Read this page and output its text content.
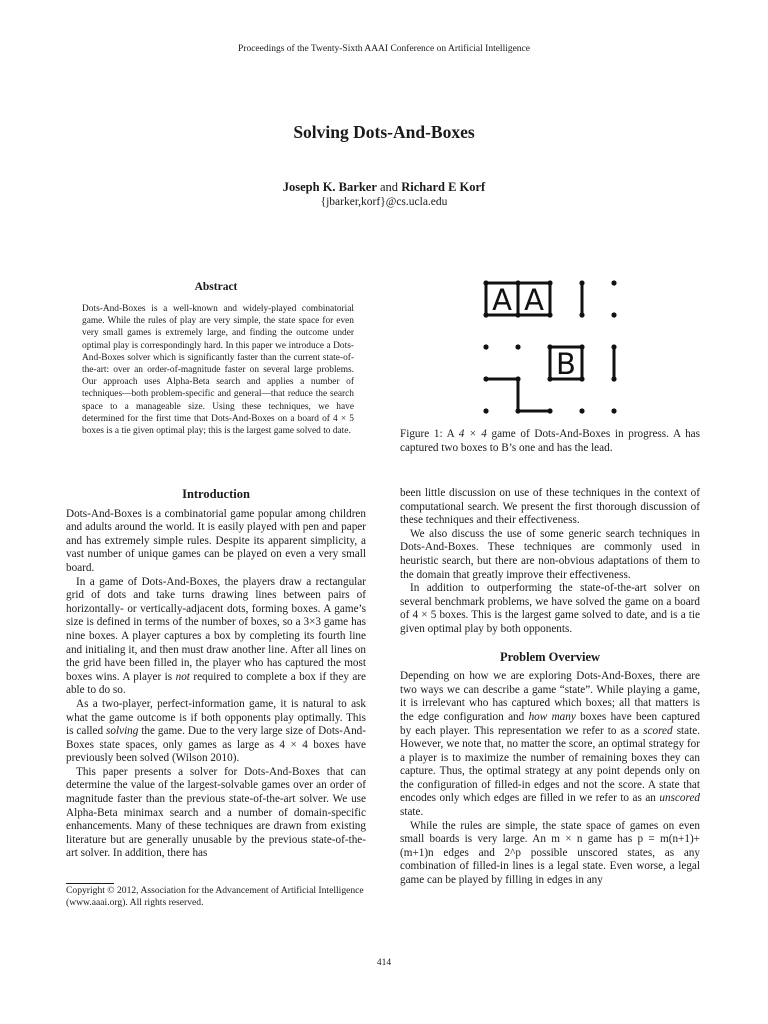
Proceedings of the Twenty-Sixth AAAI Conference on Artificial Intelligence
Solving Dots-And-Boxes
Joseph K. Barker and Richard E Korf
{jbarker,korf}@cs.ucla.edu
Abstract
Dots-And-Boxes is a well-known and widely-played combinatorial game. While the rules of play are very simple, the state space for even very small games is extremely large, and finding the outcome under optimal play is correspondingly hard. In this paper we introduce a Dots-And-Boxes solver which is significantly faster than the current state-of-the-art: over an order-of-magnitude faster on several large problems. Our approach uses Alpha-Beta search and applies a number of techniques—both problem-specific and general—that reduce the search space to a manageable size. Using these techniques, we have determined for the first time that Dots-And-Boxes on a board of 4 × 5 boxes is a tie given optimal play; this is the largest game solved to date.
Introduction

Dots-And-Boxes is a combinatorial game popular among children and adults around the world. It is easily played with pen and paper and has extremely simple rules. Despite its apparent simplicity, a vast number of unique games can be played on even a very small board.

In a game of Dots-And-Boxes, the players draw a rectangular grid of dots and take turns drawing lines between pairs of horizontally- or vertically-adjacent dots, forming boxes. A game’s size is defined in terms of the number of boxes, so a 3×3 game has nine boxes. A player captures a box by completing its fourth line and initialing it, and then must draw another line. After all lines on the grid have been filled in, the player who has captured the most boxes wins. A player is not required to complete a box if they are able to do so.

As a two-player, perfect-information game, it is natural to ask what the game outcome is if both opponents play optimally. This is called solving the game. Due to the very large size of Dots-And-Boxes state spaces, only games as large as 4 × 4 boxes have previously been solved (Wilson 2010).

This paper presents a solver for Dots-And-Boxes that can determine the value of the largest-solvable games over an order of magnitude faster than the previous state-of-the-art solver. We use Alpha-Beta minimax search and a number of domain-specific enhancements. Many of these techniques are drawn from existing literature but are generally unusable by the previous state-of-the-art solver. In addition, there has

Copyright © 2012, Association for the Advancement of Artificial Intelligence (www.aaai.org). All rights reserved.
A A
B
Figure 1: A 4 × 4 game of Dots-And-Boxes in progress. A has captured two boxes to B’s one and has the lead.

been little discussion on use of these techniques in the context of computational search. We present the first thorough discussion of these techniques and their effectiveness.

We also discuss the use of some generic search techniques in Dots-And-Boxes. These techniques are commonly used in heuristic search, but there are non-obvious adaptations of them to the domain that greatly improve their effectiveness.

In addition to outperforming the state-of-the-art solver on several benchmark problems, we have solved the game on a board of 4 × 5 boxes. This is the largest game solved to date, and is a tie given optimal play by both opponents.

Problem Overview

Depending on how we are exploring Dots-And-Boxes, there are two ways we can describe a game “state”. While playing a game, it is irrelevant who has captured which boxes; all that matters is the edge configuration and how many boxes have been captured by each player. This representation we refer to as a scored state. However, we note that, no matter the score, an optimal strategy for a player is to maximize the number of remaining boxes they can capture. Thus, the optimal strategy at any point depends only on the configuration of filled-in edges and not the score. A state that encodes only which edges are filled in we refer to as an unscored state.

While the rules are simple, the state space of games on even small boards is very large. An m × n game has p = m(n+1)+(m+1)n edges and 2^p possible unscored states, as any combination of filled-in lines is a legal state. Even worse, a legal game can be played by filling in edges in any

414
